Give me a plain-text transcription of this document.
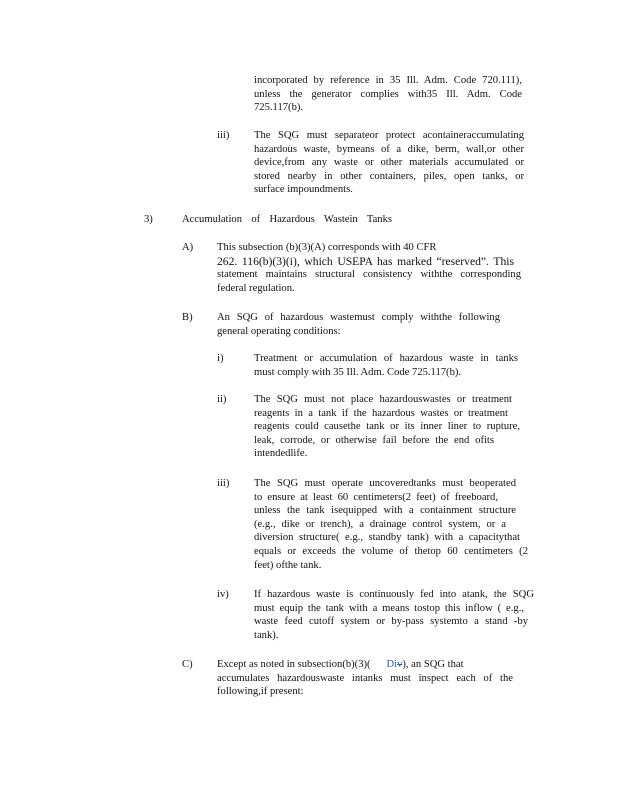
incorporated by reference in 35 Ill. Adm. Code 720.111),
unless the generator complies with35 Ill. Adm. Code
725.117(b).
iii) The SQG must separateor protect acontaineraccumulating
hazardous waste, bymeans of a dike, berm, wall,or other
device,from any waste or other materials accumulated or
stored nearby in other containers, piles, open tanks, or
surface impoundments.
3)	Accumulation of Hazardous Wastein Tanks
A) This subsection (b)(3)(A) corresponds with 40 CFR
262. 116(b)(3)(i), which USEPA has marked “reserved”. This
statement maintains structural consistency withthe corresponding
federal regulation.
B) An SQG of hazardous wastemust comply withthe following
general operating conditions:
i)	Treatment or accumulation of hazardous waste in tanks
must comply with 35 Ill. Adm. Code 725.117(b).
ii)	The SQG must not place hazardouswastes or treatment
reagents in a tank if the hazardous wastes or treatment
reagents could causethe tank or its inner liner to rupture,
leak, corrode, or otherwise fail before the end ofits
intendedlife.
iii) The SQG must operate uncoveredtanks must beoperated
to ensure at least 60 centimeters(2 feet) of freeboard,
unless the tank isequipped with a containment structure
(e.g., dike or trench), a drainage control system, or a
diversion structure( e.g., standby tank) with a capacitythat
equals or exceeds the volume of thetop 60 centimeters (2
feet) ofthe tank.
iv) If hazardous waste is continuously fed into atank, the SQG
must equip the tank with a means tostop this inflow ( e.g.,
waste feed cutoff system or by-pass systemto a stand -by
tank).
C) Except as noted in subsection(b)(3)( Div), an SQG that
accumulates hazardouswaste intanks must inspect each of the
following,if present:
